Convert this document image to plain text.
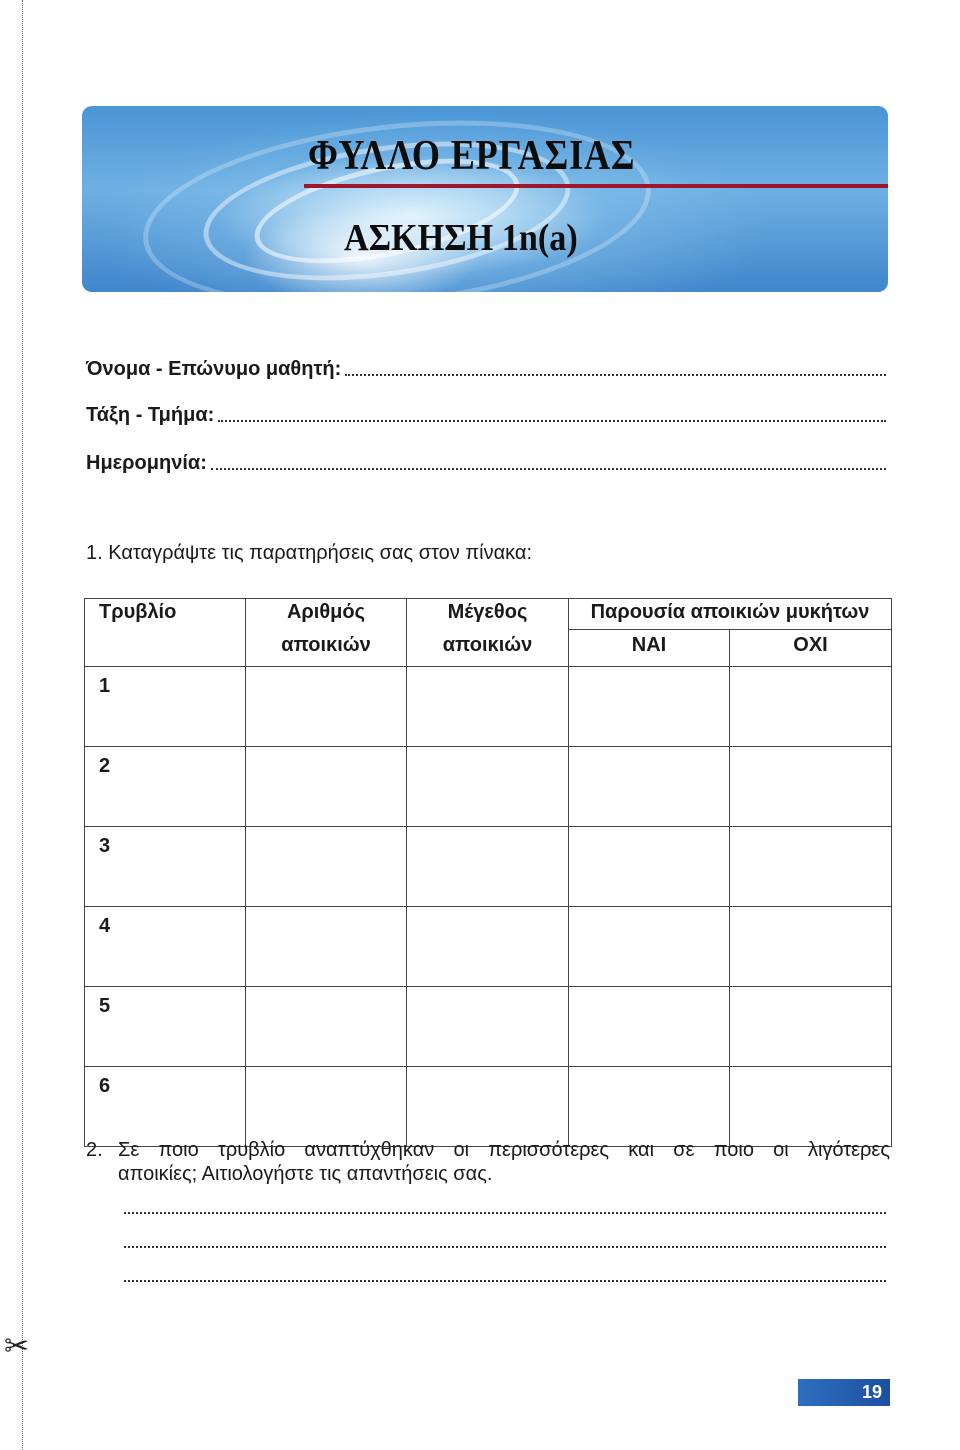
✂
ΦΥΛΛΟ ΕΡΓΑΣΙΑΣ
ΑΣΚΗΣΗ 1n(a)
Όνομα - Επώνυμο μαθητή:
Τάξη - Τμήμα:
Ημερομηνία:
1. Καταγράψτε τις παρατηρήσεις σας στον πίνακα:
Τρυβλίο	Αριθμός	Μέγεθος	Παρουσία αποικιών μυκήτων	
	αποικιών	αποικιών	ΝΑΙ	ΟΧΙ
1				
2				
3				
4				
5				
6				
2. Σε ποιο τρυβλίο αναπτύχθηκαν οι περισσότερες και σε ποιο οι λιγότερες
αποικίες; Αιτιολογήστε τις απαντήσεις σας.
19
